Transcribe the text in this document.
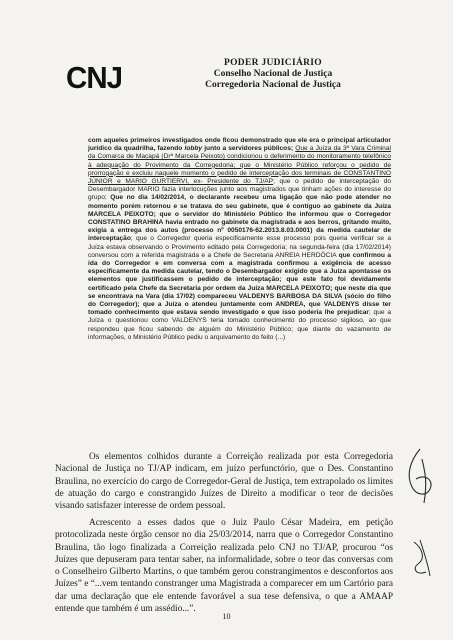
CNJ	PODER JUDICIÁRIO
Conselho Nacional de Justiça
Corregedoria Nacional de Justiça

com aqueles primeiros investigados onde ficou demonstrado que ele era o principal articulador jurídico da quadrilha, fazendo lobby junto a servidores públicos; Que a Juíza da 3ª Vara Criminal da Comarca de Macapá (Drª Marcela Peixoto) condicionou o deferimento do monitoramento telefônico à adequação do Provimento da Corregedoria; que o Ministério Público reforçou o pedido de prorrogação e excluiu naquele momento o pedido de interceptação dos terminais de CONSTANTINO JÚNIOR e MARIO GURTIERVI, ex- Presidente do TJ/AP; que o pedido de interceptação do Desembargador MARIO fazia interlocuções junto aos magistrados que tinham ações do interesse do grupo; Que no dia 14/02/2014, o declarante recebeu uma ligação que não pode atender no momento porém retornou e se tratava do seu gabinete, que é contíguo ao gabinete da Juíza MARCELA PEIXOTO; que o servidor do Ministério Público lhe informou que o Corregedor CONSTATINO BRAHINA havia entrado no gabinete da magistrada e aos berros, gritando muito, exigia a entrega dos autos (processo nº 0050176-62.2013.8.03.0001) da medida cautelar de interceptação; que o Corregedor queria especificamente esse processo pois queria verificar se a Juíza estava observando o Provimento editado pela Corregedoria; na segunda-feira (dia 17/02/2014) conversou com a referida magistrada e a Chefe de Secretaria ANREIA HERDÓCIA que confirmou a ida do Corregedor e em conversa com a magistrada confirmou a exigência de acesso especificamente da medida cautelar, tendo o Desembargador exigido que a Juíza apontasse os elementos que justificassem o pedido de interceptação; que este fato foi devidamente certificado pela Chefe da Secretaria por ordem da Juíza MARCELA PEIXOTO; que neste dia que se encontrava na Vara (dia 17/02) compareceu VALDENYS BARBOSA DA SILVA (sócio do filho do Corregedor); que a Juíza o atendeu juntamente com ANDREA, que VALDENYS disse ter tomado conhecimento que estava sendo investigado e que isso poderia lhe prejudicar; que a Juíza o questionou como VALDENYS teria tomado conhecimento do processo sigiloso, ao que respondeu que ficou sabendo de alguém do Ministério Público; que diante do vazamento de informações, o Ministério Público pediu o arquivamento do feito (...)

Os elementos colhidos durante a Correição realizada por esta Corregedoria Nacional de Justiça no TJ/AP indicam, em juízo perfunctório, que o Des. Constantino Braulina, no exercício do cargo de Corregedor-Geral de Justiça, tem extrapolado os limites de atuação do cargo e constrangido Juízes de Direito a modificar o teor de decisões visando satisfazer interesse de ordem pessoal.

Acrescento a esses dados que o Juiz Paulo César Madeira, em petição protocolizada neste órgão censor no dia 25/03/2014, narra que o Corregedor Constantino Braulina, tão logo finalizada a Correição realizada pelo CNJ no TJ/AP, procurou “os Juízes que depuseram para tentar saber, na informalidade, sobre o teor das conversas com o Conselheiro Gilberto Martins, o que também gerou constrangimentos e desconfortos aos Juízes” e “...vem tentando constranger uma Magistrada a comparecer em um Cartório para dar uma declaração que ele entende favorável a sua tese defensiva, o que a AMAAP entende que também é um assédio...”.

10
